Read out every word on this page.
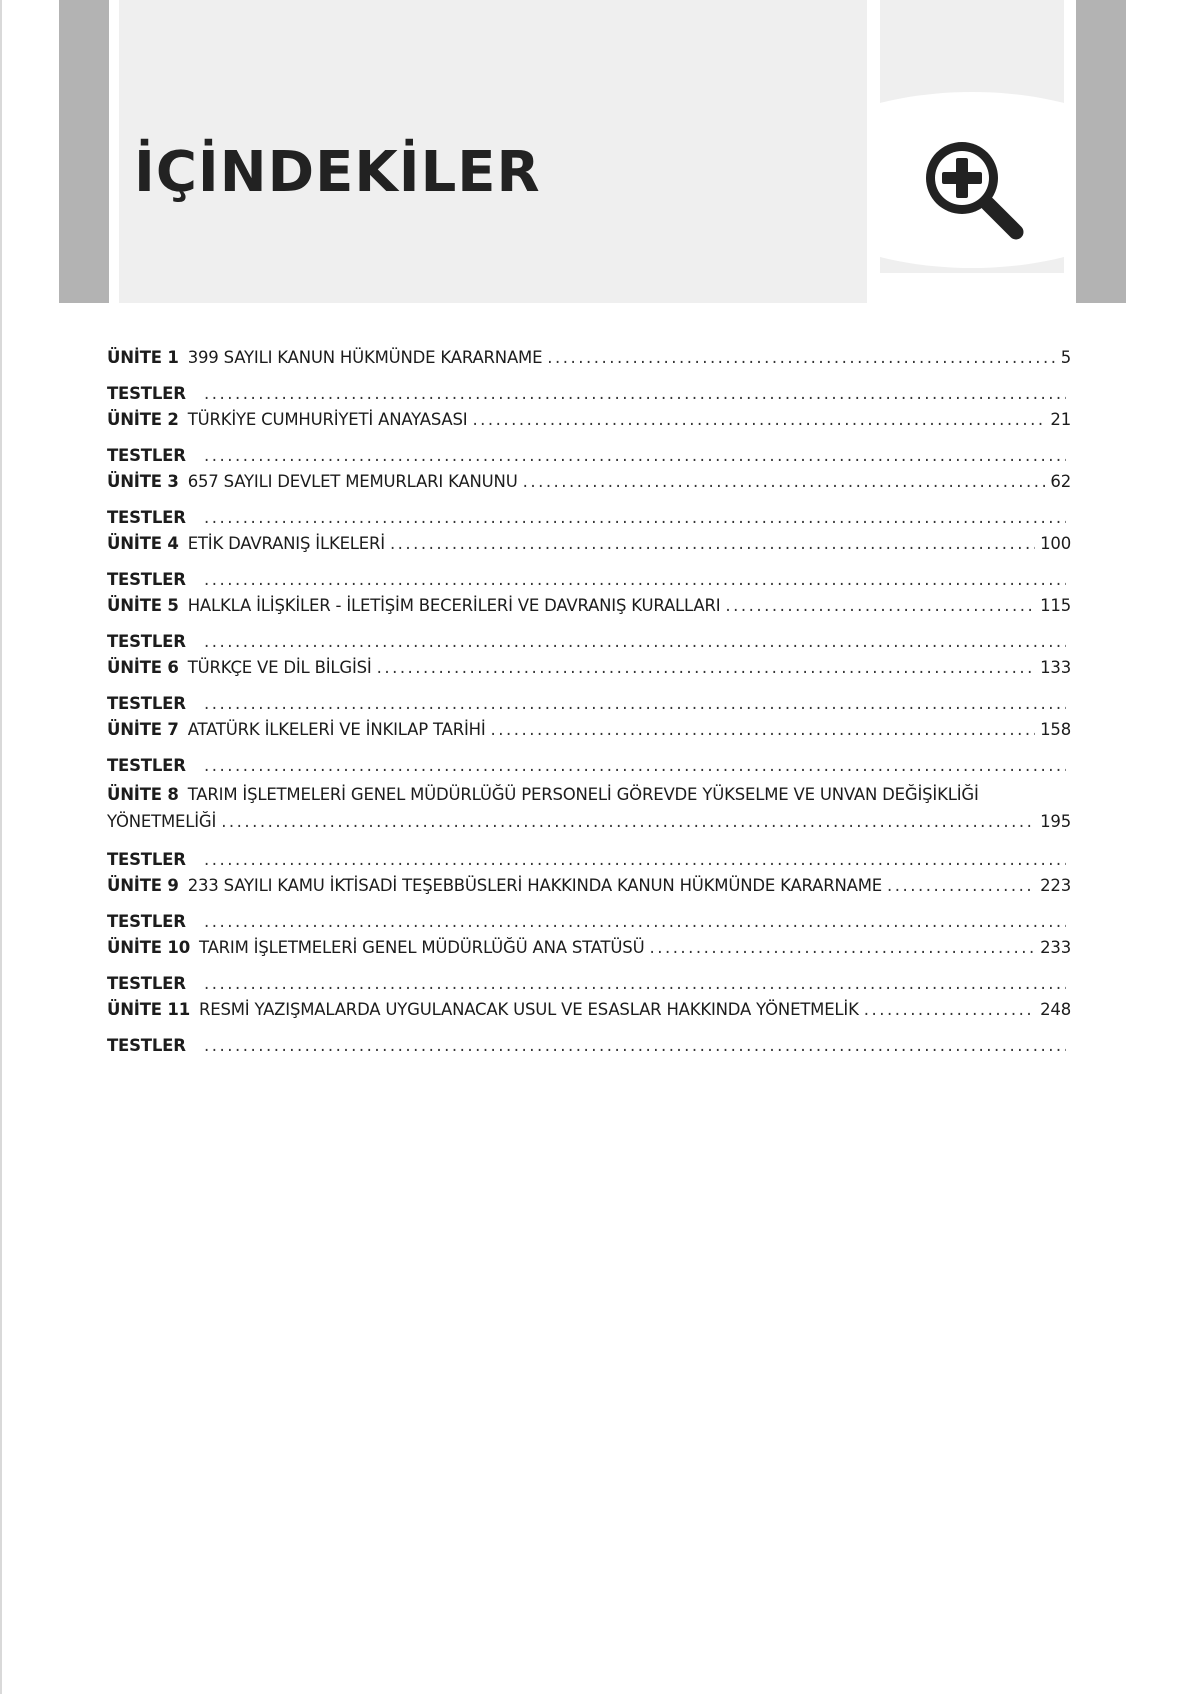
İÇİNDEKİLER
ÜNİTE 1 399 SAYILI KANUN HÜKMÜNDE KARARNAME .....	5
TESTLER
.....
ÜNİTE 2 TÜRKİYE CUMHURİYETİ ANAYASASI .....	21
TESTLER
.....
ÜNİTE 3 657 SAYILI DEVLET MEMURLARI KANUNU .....	62
TESTLER
.....
ÜNİTE 4 ETİK DAVRANIŞ İLKELERİ .....	100
TESTLER
.....
ÜNİTE 5 HALKLA İLİŞKİLER - İLETİŞİM BECERİLERİ VE DAVRANIŞ KURALLARI .....	115
TESTLER
.....
ÜNİTE 6 TÜRKÇE VE DİL BİLGİSİ .....	133
TESTLER
.....
ÜNİTE 7 ATATÜRK İLKELERİ VE İNKILAP TARİHİ .....	158
TESTLER
.....
ÜNİTE 8 TARIM İŞLETMELERİ GENEL MÜDÜRLÜĞÜ PERSONELİ GÖREVDE YÜKSELME VE UNVAN DEĞİŞİKLİĞİ
YÖNETMELİĞİ .....	195
TESTLER
.....
ÜNİTE 9 233 SAYILI KAMU İKTİSADİ TEŞEBBÜSLERİ HAKKINDA KANUN HÜKMÜNDE KARARNAME .....	223
TESTLER
.....
ÜNİTE 10 TARIM İŞLETMELERİ GENEL MÜDÜRLÜĞÜ ANA STATÜSÜ .....	233
TESTLER
.....
ÜNİTE 11 RESMİ YAZIŞMALARDA UYGULANACAK USUL VE ESASLAR HAKKINDA YÖNETMELİK .....	248
TESTLER
.....
